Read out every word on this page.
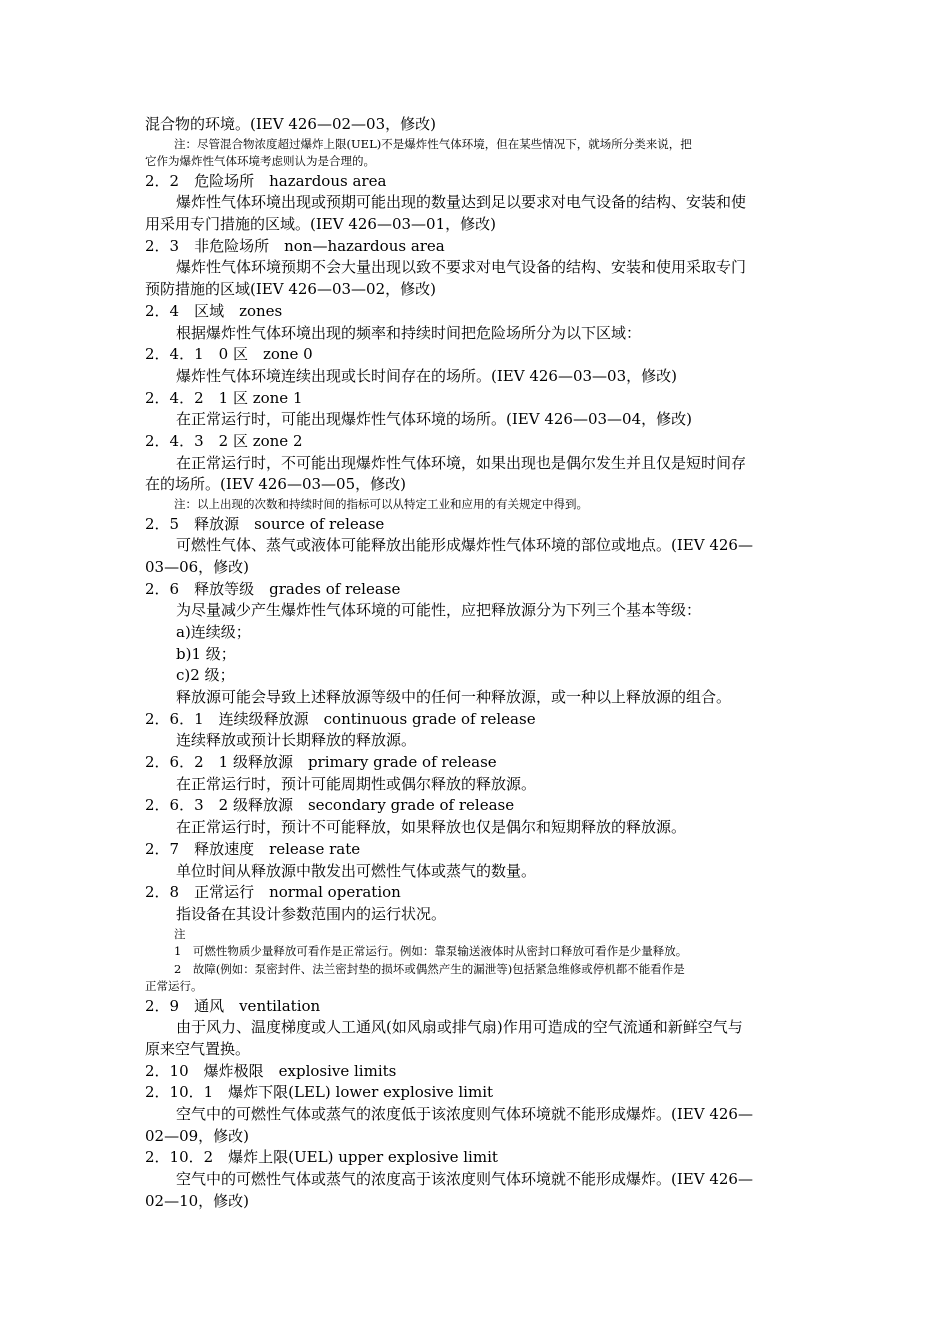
混合物的环境。(IEV 426—02—03，修改)
注：尽管混合物浓度超过爆炸上限(UEL)不是爆炸性气体环境，但在某些情况下，就场所分类来说，把
它作为爆炸性气体环境考虑则认为是合理的。
2．2　危险场所　hazardous area
爆炸性气体环境出现或预期可能出现的数量达到足以要求对电气设备的结构、安装和使
用采用专门措施的区域。(IEV 426—03—01，修改)
2．3　非危险场所　non—hazardous area
爆炸性气体环境预期不会大量出现以致不要求对电气设备的结构、安装和使用采取专门
预防措施的区域(IEV 426—03—02，修改)
2．4　区域　zones
根据爆炸性气体环境出现的频率和持续时间把危险场所分为以下区域：
2．4．1　0 区　zone 0
爆炸性气体环境连续出现或长时间存在的场所。(IEV 426—03—03，修改)
2．4．2　1 区 zone 1
在正常运行时，可能出现爆炸性气体环境的场所。(IEV 426—03—04，修改)
2．4．3　2 区 zone 2
在正常运行时，不可能出现爆炸性气体环境，如果出现也是偶尔发生并且仅是短时间存
在的场所。(IEV 426—03—05，修改)
注：以上出现的次数和持续时间的指标可以从特定工业和应用的有关规定中得到。
2．5　释放源　source of release
可燃性气体、蒸气或液体可能释放出能形成爆炸性气体环境的部位或地点。(IEV 426—
03—06，修改)
2．6　释放等级　grades of release
为尽量减少产生爆炸性气体环境的可能性，应把释放源分为下列三个基本等级：
a)连续级；
b)1 级；
c)2 级；
释放源可能会导致上述释放源等级中的任何一种释放源，或一种以上释放源的组合。
2．6．1　连续级释放源　continuous grade of release
连续释放或预计长期释放的释放源。
2．6．2　1 级释放源　primary grade of release
在正常运行时，预计可能周期性或偶尔释放的释放源。
2．6．3　2 级释放源　secondary grade of release
在正常运行时，预计不可能释放，如果释放也仅是偶尔和短期释放的释放源。
2．7　释放速度　release rate
单位时间从释放源中散发出可燃性气体或蒸气的数量。
2．8　正常运行　normal operation
指设备在其设计参数范围内的运行状况。
注
1　可燃性物质少量释放可看作是正常运行。例如：靠泵输送液体时从密封口释放可看作是少量释放。
2　故障(例如：泵密封件、法兰密封垫的损坏或偶然产生的漏泄等)包括紧急维修或停机都不能看作是
正常运行。
2．9　通风　ventilation
由于风力、温度梯度或人工通风(如风扇或排气扇)作用可造成的空气流通和新鲜空气与
原来空气置换。
2．10　爆炸极限　explosive limits
2．10．1　爆炸下限(LEL) lower explosive limit
空气中的可燃性气体或蒸气的浓度低于该浓度则气体环境就不能形成爆炸。(IEV 426—
02—09，修改)
2．10．2　爆炸上限(UEL) upper explosive limit
空气中的可燃性气体或蒸气的浓度高于该浓度则气体环境就不能形成爆炸。(IEV 426—
02—10，修改)
